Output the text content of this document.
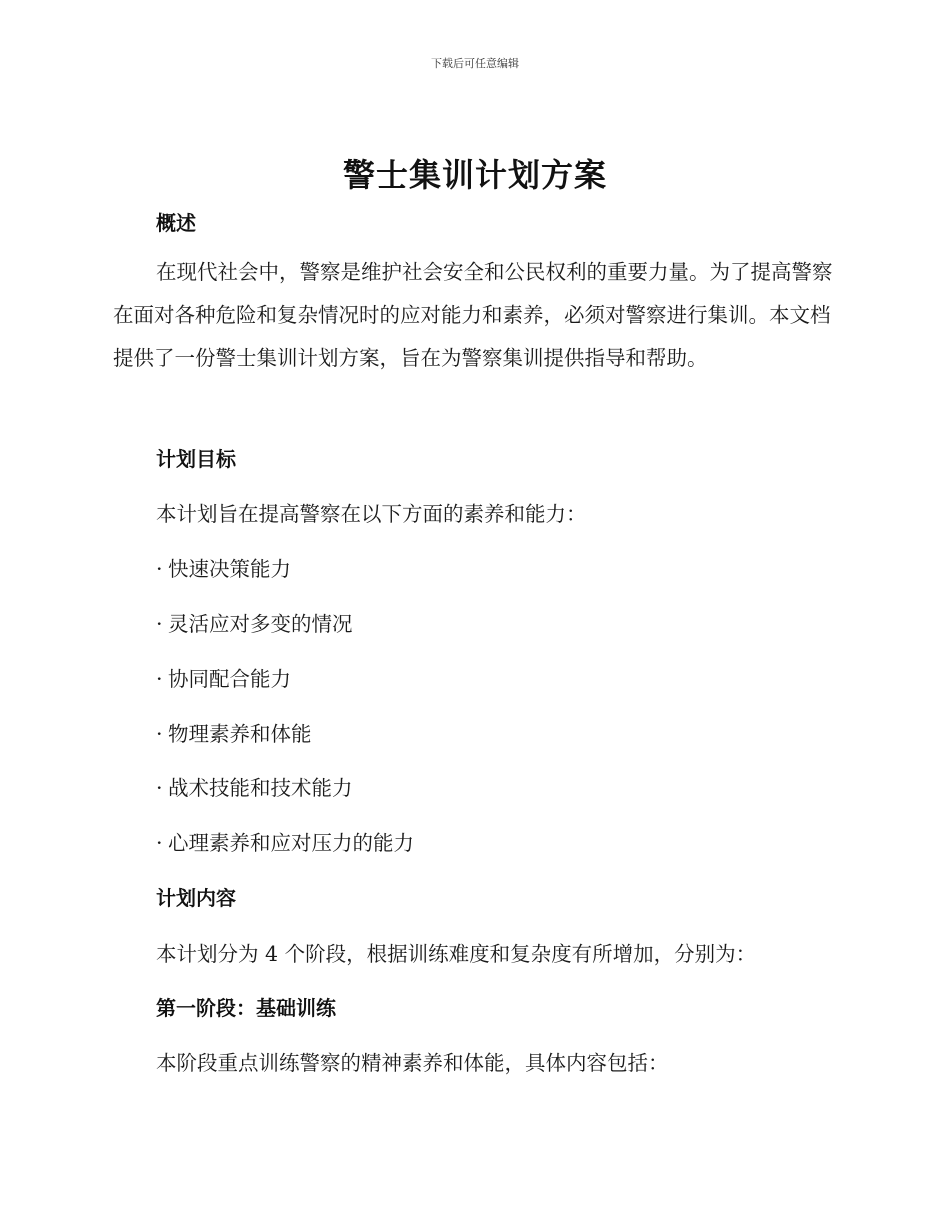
下载后可任意编辑
警士集训计划方案
概述
在现代社会中，警察是维护社会安全和公民权利的重要力量。为了提高警察在面对各种危险和复杂情况时的应对能力和素养，必须对警察进行集训。本文档提供了一份警士集训计划方案，旨在为警察集训提供指导和帮助。
计划目标
本计划旨在提高警察在以下方面的素养和能力：
· 快速决策能力
· 灵活应对多变的情况
· 协同配合能力
· 物理素养和体能
· 战术技能和技术能力
· 心理素养和应对压力的能力
计划内容
本计划分为 4 个阶段，根据训练难度和复杂度有所增加，分别为：
第一阶段：基础训练
本阶段重点训练警察的精神素养和体能，具体内容包括：
